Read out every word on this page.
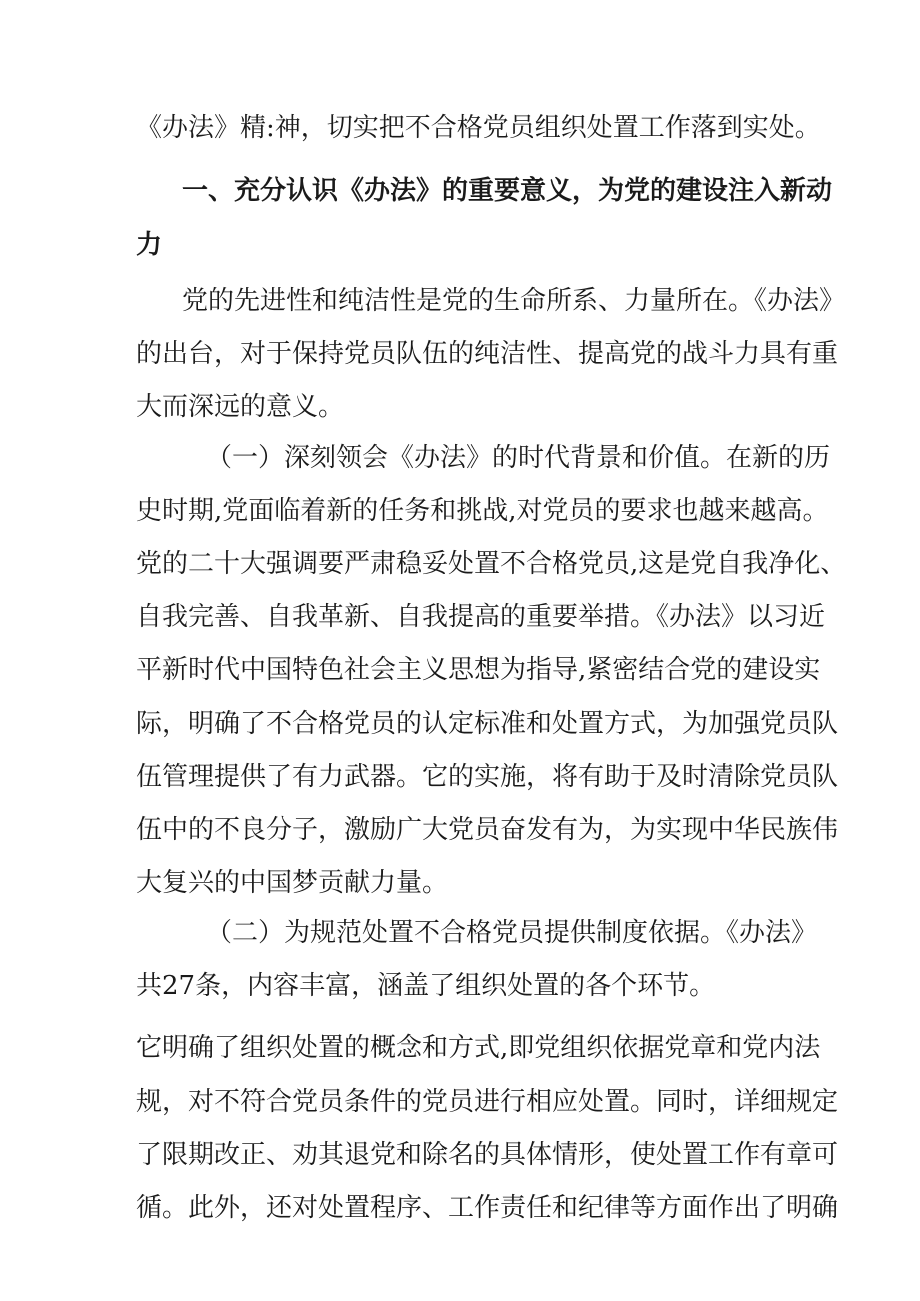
《办法》精:神，切实把不合格党员组织处置工作落到实处。

一、充分认识《办法》的重要意义，为党的建设注入新动

力

党的先进性和纯洁性是党的生命所系、力量所在。《办法》

的出台，对于保持党员队伍的纯洁性、提高党的战斗力具有重

大而深远的意义。

（一）深刻领会《办法》的时代背景和价值。在新的历

史时期,党面临着新的任务和挑战,对党员的要求也越来越高。

党的二十大强调要严肃稳妥处置不合格党员,这是党自我净化、

自我完善、自我革新、自我提高的重要举措。《办法》以习近

平新时代中国特色社会主义思想为指导,紧密结合党的建设实

际，明确了不合格党员的认定标准和处置方式，为加强党员队

伍管理提供了有力武器。它的实施，将有助于及时清除党员队

伍中的不良分子，激励广大党员奋发有为，为实现中华民族伟

大复兴的中国梦贡献力量。

（二）为规范处置不合格党员提供制度依据。《办法》

共27条，内容丰富，涵盖了组织处置的各个环节。

它明确了组织处置的概念和方式,即党组织依据党章和党内法

规，对不符合党员条件的党员进行相应处置。同时，详细规定

了限期改正、劝其退党和除名的具体情形，使处置工作有章可

循。此外，还对处置程序、工作责任和纪律等方面作出了明确
